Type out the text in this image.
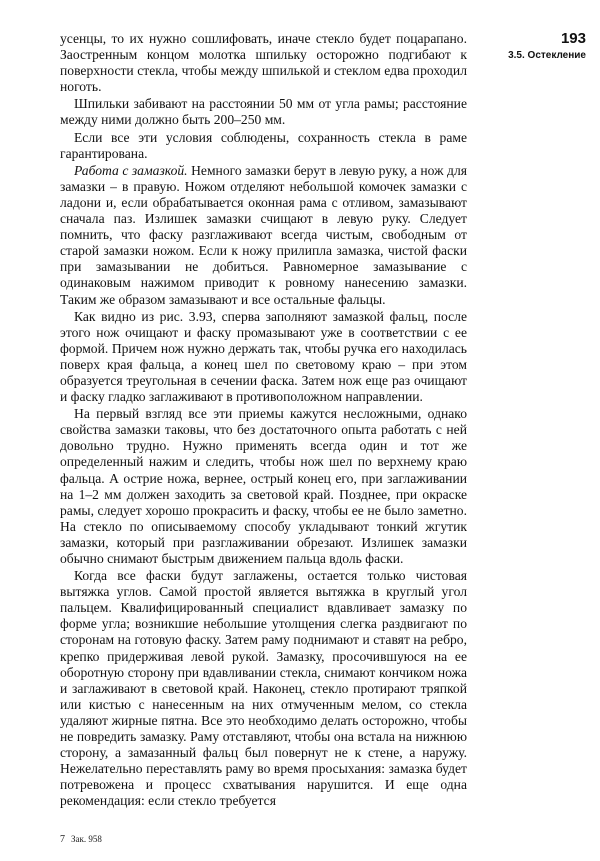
193
3.5. Остекление

усенцы, то их нужно сошлифовать, иначе стекло будет поцарапано. Заостренным концом молотка шпильку осторожно подгибают к поверхности стекла, чтобы между шпилькой и стеклом едва проходил ноготь.

Шпильки забивают на расстоянии 50 мм от угла рамы; расстояние между ними должно быть 200–250 мм.

Если все эти условия соблюдены, сохранность стекла в раме гарантирована.

Работа с замазкой. Немного замазки берут в левую руку, а нож для замазки – в правую. Ножом отделяют небольшой комочек замазки с ладони и, если обрабатывается оконная рама с отливом, замазывают сначала паз. Излишек замазки счищают в левую руку. Следует помнить, что фаску разглаживают всегда чистым, свободным от старой замазки ножом. Если к ножу прилипла замазка, чистой фаски при замазывании не добиться. Равномерное замазывание с одинаковым нажимом приводит к ровному нанесению замазки. Таким же образом замазывают и все остальные фальцы.

Как видно из рис. 3.93, сперва заполняют замазкой фальц, после этого нож очищают и фаску промазывают уже в соответствии с ее формой. Причем нож нужно держать так, чтобы ручка его находилась поверх края фальца, а конец шел по световому краю – при этом образуется треугольная в сечении фаска. Затем нож еще раз очищают и фаску гладко заглаживают в противоположном направлении.

На первый взгляд все эти приемы кажутся несложными, однако свойства замазки таковы, что без достаточного опыта работать с ней довольно трудно. Нужно применять всегда один и тот же определенный нажим и следить, чтобы нож шел по верхнему краю фальца. А острие ножа, вернее, острый конец его, при заглаживании на 1–2 мм должен заходить за световой край. Позднее, при окраске рамы, следует хорошо прокрасить и фаску, чтобы ее не было заметно. На стекло по описываемому способу укладывают тонкий жгутик замазки, который при разглаживании обрезают. Излишек замазки обычно снимают быстрым движением пальца вдоль фаски.

Когда все фаски будут заглажены, остается только чистовая вытяжка углов. Самой простой является вытяжка в круглый угол пальцем. Квалифицированный специалист вдавливает замазку по форме угла; возникшие небольшие утолщения слегка раздвигают по сторонам на готовую фаску. Затем раму поднимают и ставят на ребро, крепко придерживая левой рукой. Замазку, просочившуюся на ее оборотную сторону при вдавливании стекла, снимают кончиком ножа и заглаживают в световой край. Наконец, стекло протирают тряпкой или кистью с нанесенным на них отмученным мелом, со стекла удаляют жирные пятна. Все это необходимо делать осторожно, чтобы не повредить замазку. Раму отставляют, чтобы она встала на нижнюю сторону, а замазанный фальц был повернут не к стене, а наружу. Нежелательно переставлять раму во время просыхания: замазка будет потревожена и процесс схватывания нарушится. И еще одна рекомендация: если стекло требуется

7 Зак. 958
